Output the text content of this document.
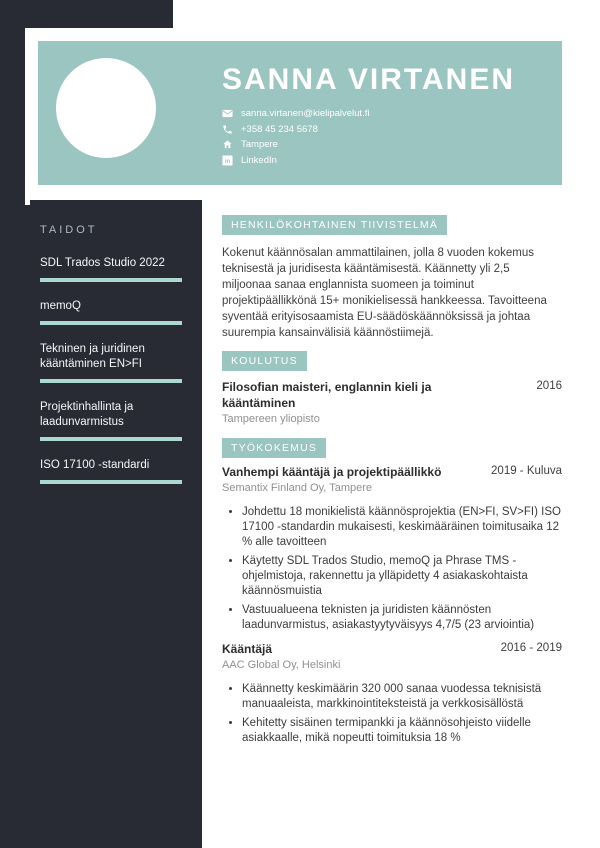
TAIDOT
SDL Trados Studio 2022
memoQ
Tekninen ja juridinen kääntäminen EN>FI
Projektinhallinta ja laadunvarmistus
ISO 17100 -standardi
SANNA VIRTANEN
sanna.virtanen@kielipalvelut.fi
+358 45 234 5678
Tampere
in LinkedIn
HENKILÖKOHTAINEN TIIVISTELMÄ

Kokenut käännösalan ammattilainen, jolla 8 vuoden kokemus teknisestä ja juridisesta kääntämisestä. Käännetty yli 2,5 miljoonaa sanaa englannista suomeen ja toiminut projektipäällikkönä 15+ monikielisessä hankkeessa. Tavoitteena syventää erityisosaamista EU-säädöskäännöksissä ja johtaa suurempia kansainvälisiä käännöstiimejä.

KOULUTUS
Filosofian maisteri, englannin kieli ja kääntäminen
2016
Tampereen yliopisto
TYÖKOKEMUS
Vanhempi kääntäjä ja projektipäällikkö	2019 - Kuluva
Semantix Finland Oy, Tampere
• Johdettu 18 monikielistä käännösprojektia (EN>FI, SV>FI) ISO 17100 -standardin mukaisesti, keskimääräinen toimitusaika 12 % alle tavoitteen
• Käytetty SDL Trados Studio, memoQ ja Phrase TMS -ohjelmistoja, rakennettu ja ylläpidetty 4 asiakaskohtaista käännösmuistia
• Vastuualueena teknisten ja juridisten käännösten laadunvarmistus, asiakastyytyväisyys 4,7/5 (23 arviointia)
Kääntäjä	2016 - 2019
AAC Global Oy, Helsinki
• Käännetty keskimäärin 320 000 sanaa vuodessa teknisistä manuaaleista, markkinointiteksteistä ja verkkosisällöstä
• Kehitetty sisäinen termipankki ja käännösohjeisto viidelle asiakkaalle, mikä nopeutti toimituksia 18 %
